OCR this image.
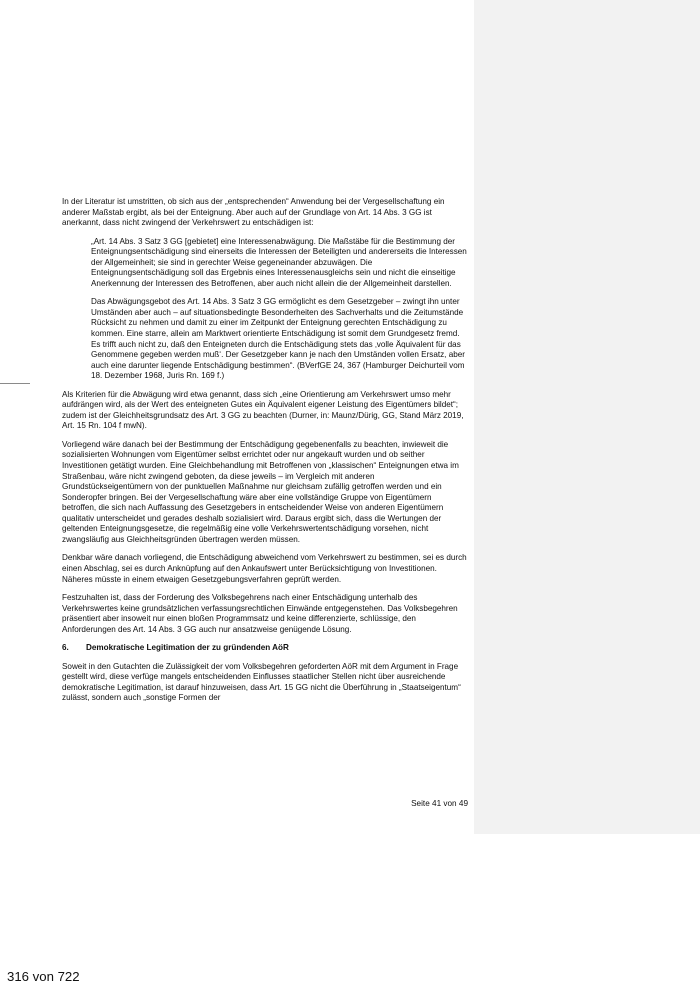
In der Literatur ist umstritten, ob sich aus der „entsprechenden“ Anwendung bei der Vergesellschaftung ein anderer Maßstab ergibt, als bei der Enteignung. Aber auch auf der Grundlage von Art. 14 Abs. 3 GG ist anerkannt, dass nicht zwingend der Verkehrswert zu entschädigen ist:

„Art. 14 Abs. 3 Satz 3 GG [gebietet] eine Interessenabwägung. Die Maßstäbe für die Bestimmung der Enteignungsentschädigung sind einerseits die Interessen der Beteiligten und andererseits die Interessen der Allgemeinheit; sie sind in gerechter Weise gegeneinander abzuwägen. Die Enteignungsentschädigung soll das Ergebnis eines Interessenausgleichs sein und nicht die einseitige Anerkennung der Interessen des Betroffenen, aber auch nicht allein die der Allgemeinheit darstellen.

Das Abwägungsgebot des Art. 14 Abs. 3 Satz 3 GG ermöglicht es dem Gesetzgeber – zwingt ihn unter Umständen aber auch – auf situationsbedingte Besonderheiten des Sachverhalts und die Zeitumstände Rücksicht zu nehmen und damit zu einer im Zeitpunkt der Enteignung gerechten Entschädigung zu kommen. Eine starre, allein am Marktwert orientierte Entschädigung ist somit dem Grundgesetz fremd. Es trifft auch nicht zu, daß den Enteigneten durch die Entschädigung stets das ‚volle Äquivalent für das Genommene gegeben werden muß‘. Der Gesetzgeber kann je nach den Umständen vollen Ersatz, aber auch eine darunter liegende Entschädigung bestimmen“. (BVerfGE 24, 367 (Hamburger Deichurteil vom 18. Dezember 1968, Juris Rn. 169 f.)

Als Kriterien für die Abwägung wird etwa genannt, dass sich „eine Orientierung am Verkehrswert umso mehr aufdrängen wird, als der Wert des enteigneten Gutes ein Äquivalent eigener Leistung des Eigentümers bildet“; zudem ist der Gleichheitsgrundsatz des Art. 3 GG zu beachten (Durner, in: Maunz/Dürig, GG, Stand März 2019, Art. 15 Rn. 104 f mwN).

Vorliegend wäre danach bei der Bestimmung der Entschädigung gegebenenfalls zu beachten, inwieweit die sozialisierten Wohnungen vom Eigentümer selbst errichtet oder nur angekauft wurden und ob seither Investitionen getätigt wurden. Eine Gleichbehandlung mit Betroffenen von „klassischen“ Enteignungen etwa im Straßenbau, wäre nicht zwingend geboten, da diese jeweils – im Vergleich mit anderen Grundstückseigentümern von der punktuellen Maßnahme nur gleichsam zufällig getroffen werden und ein Sonderopfer bringen. Bei der Vergesellschaftung wäre aber eine vollständige Gruppe von Eigentümern betroffen, die sich nach Auffassung des Gesetzgebers in entscheidender Weise von anderen Eigentümern qualitativ unterscheidet und gerades deshalb sozialisiert wird. Daraus ergibt sich, dass die Wertungen der geltenden Enteignungsgesetze, die regelmäßig eine volle Verkehrswertentschädigung vorsehen, nicht zwangsläufig aus Gleichheitsgründen übertragen werden müssen.

Denkbar wäre danach vorliegend, die Entschädigung abweichend vom Verkehrswert zu bestimmen, sei es durch einen Abschlag, sei es durch Anknüpfung auf den Ankaufswert unter Berücksichtigung von Investitionen. Näheres müsste in einem etwaigen Gesetzgebungsverfahren geprüft werden.

Festzuhalten ist, dass der Forderung des Volksbegehrens nach einer Entschädigung unterhalb des Verkehrswertes keine grundsätzlichen verfassungsrechtlichen Einwände entgegenstehen. Das Volksbegehren präsentiert aber insoweit nur einen bloßen Programmsatz und keine differenzierte, schlüssige, den Anforderungen des Art. 14 Abs. 3 GG auch nur ansatzweise genügende Lösung.

6. Demokratische Legitimation der zu gründenden AöR

Soweit in den Gutachten die Zulässigkeit der vom Volksbegehren geforderten AöR mit dem Argument in Frage gestellt wird, diese verfüge mangels entscheidenden Einflusses staatlicher Stellen nicht über ausreichende demokratische Legitimation, ist darauf hinzuweisen, dass Art. 15 GG nicht die Überführung in „Staatseigentum“ zulässt, sondern auch „sonstige Formen der

Seite 41 von 49
316 von 722
